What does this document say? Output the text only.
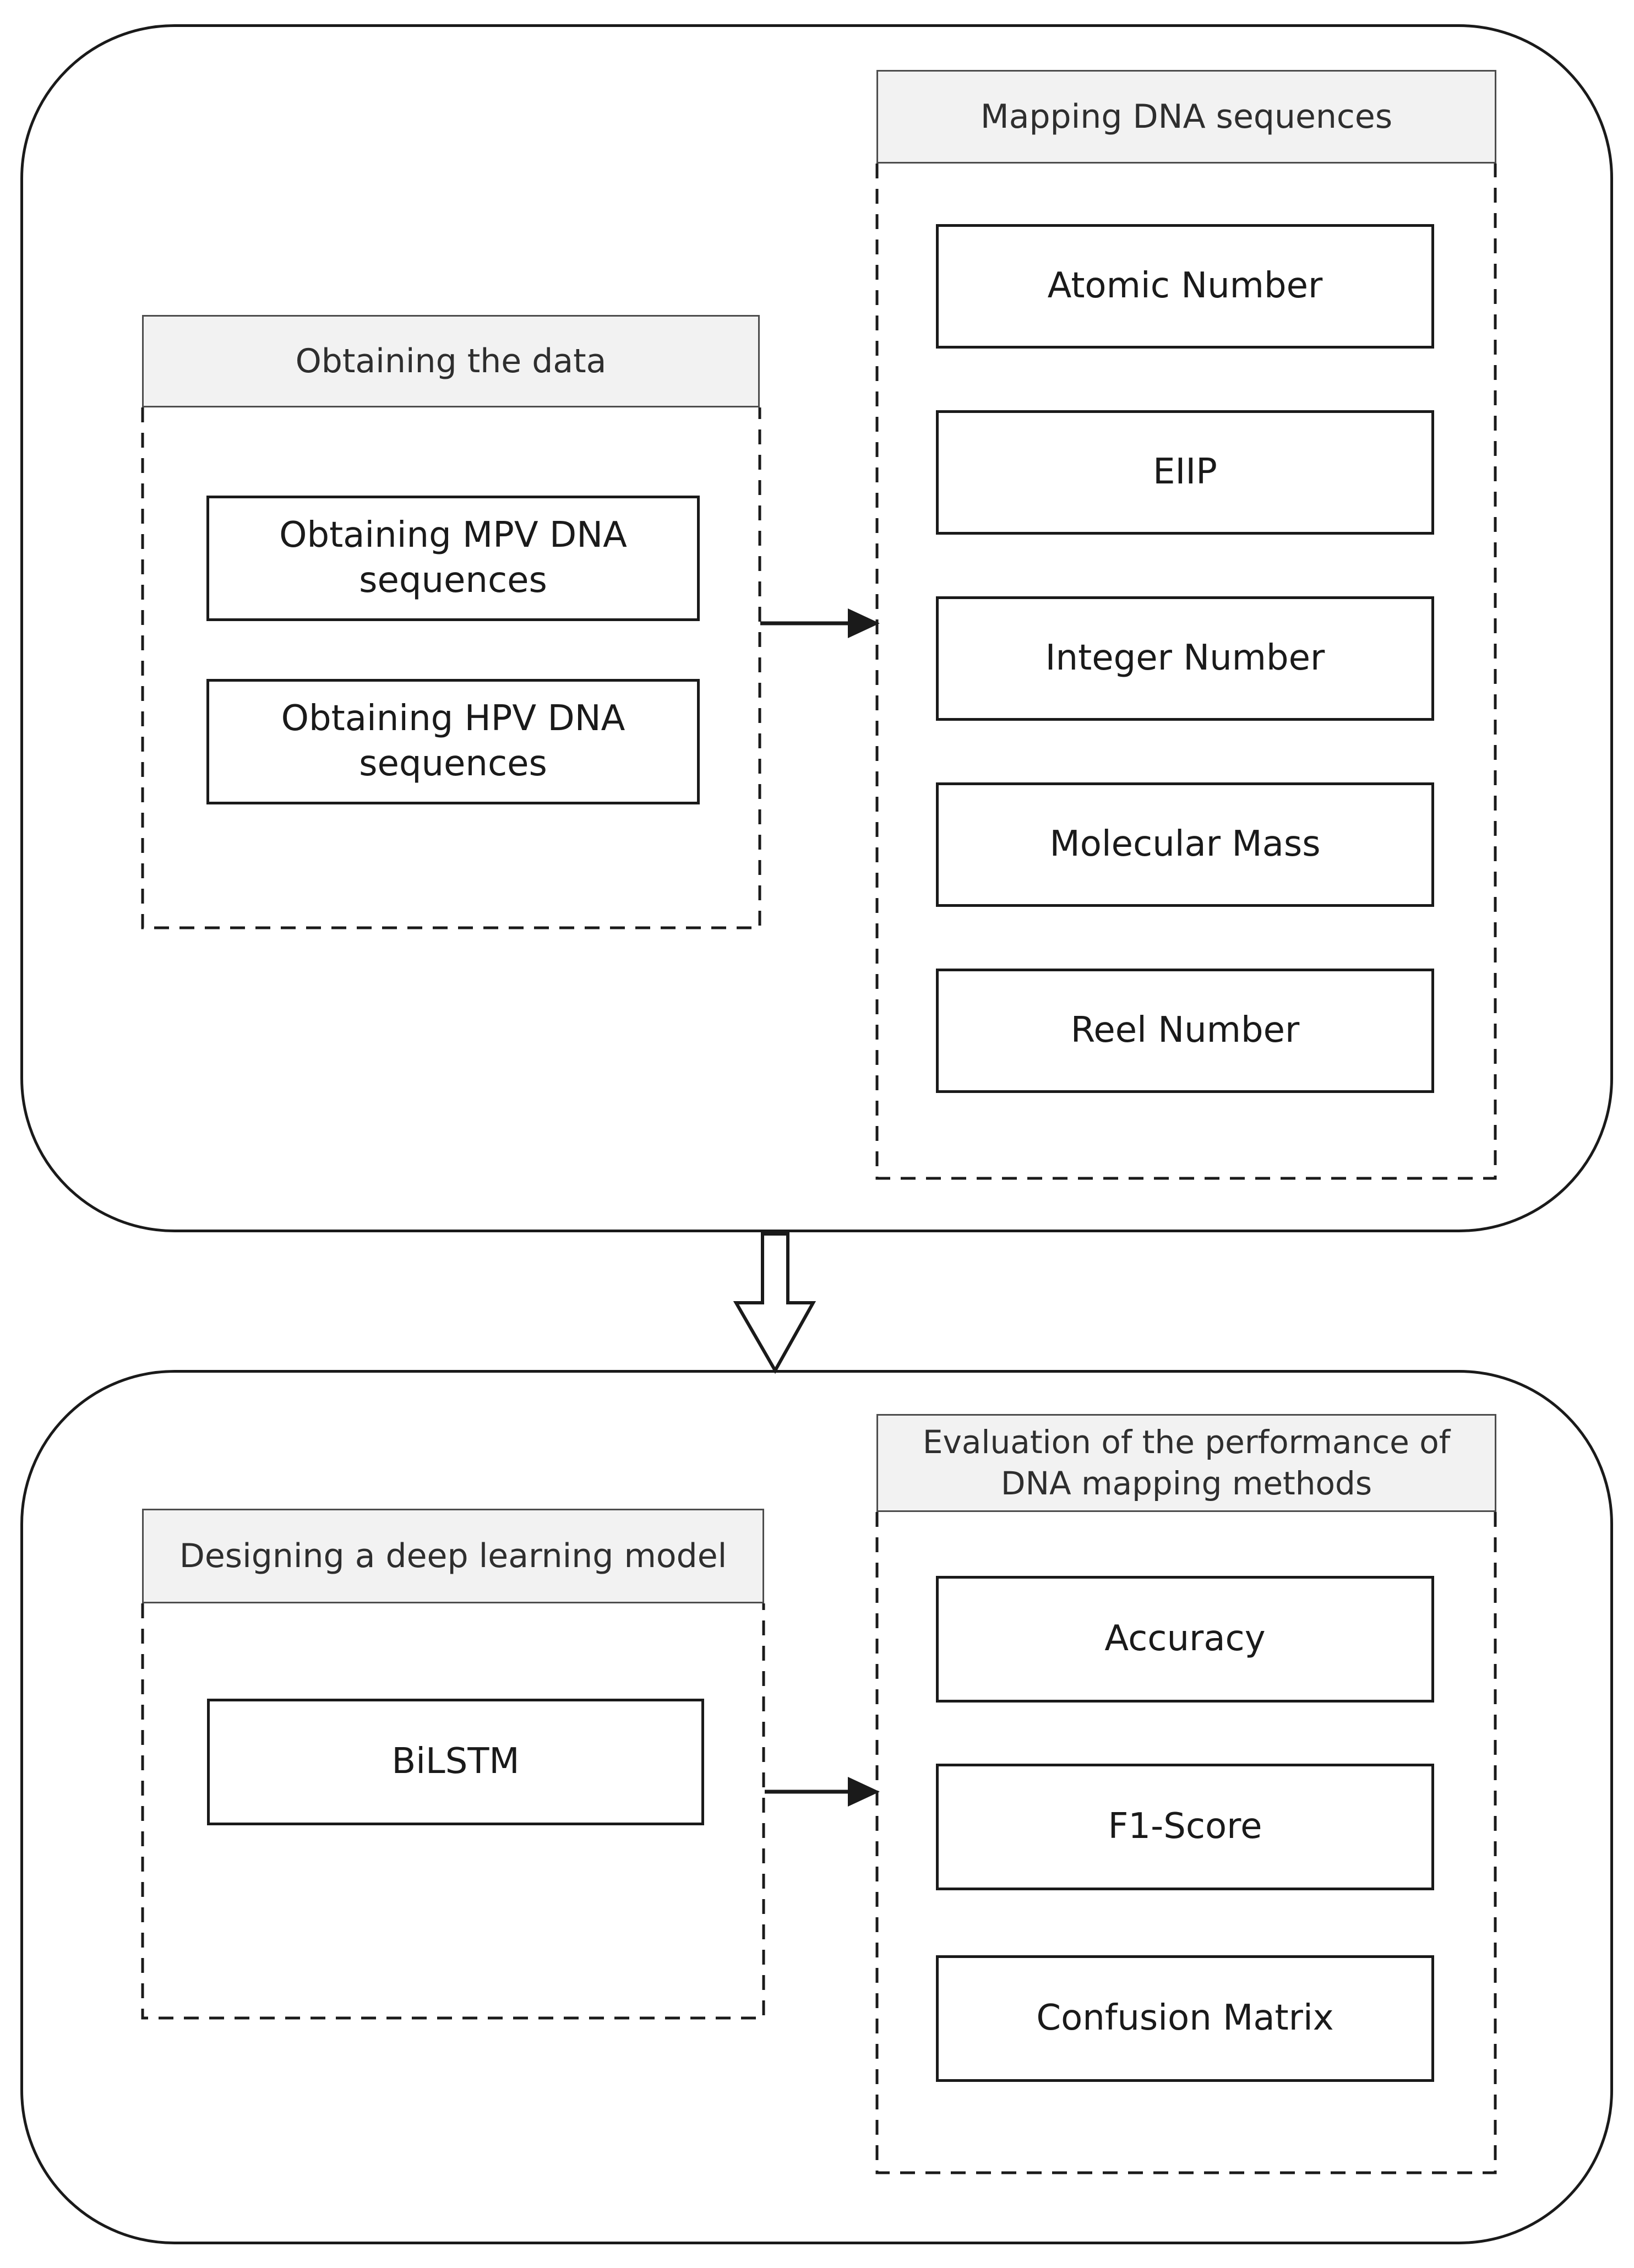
Obtaining the data
Mapping DNA sequences
Designing a deep learning model
Evaluation of the performance of DNA mapping methods
Obtaining MPV DNA sequences
Obtaining HPV DNA sequences
Atomic Number
EIIP
Integer Number
Molecular Mass
Reel Number
BiLSTM
Accuracy
F1-Score
Confusion Matrix
